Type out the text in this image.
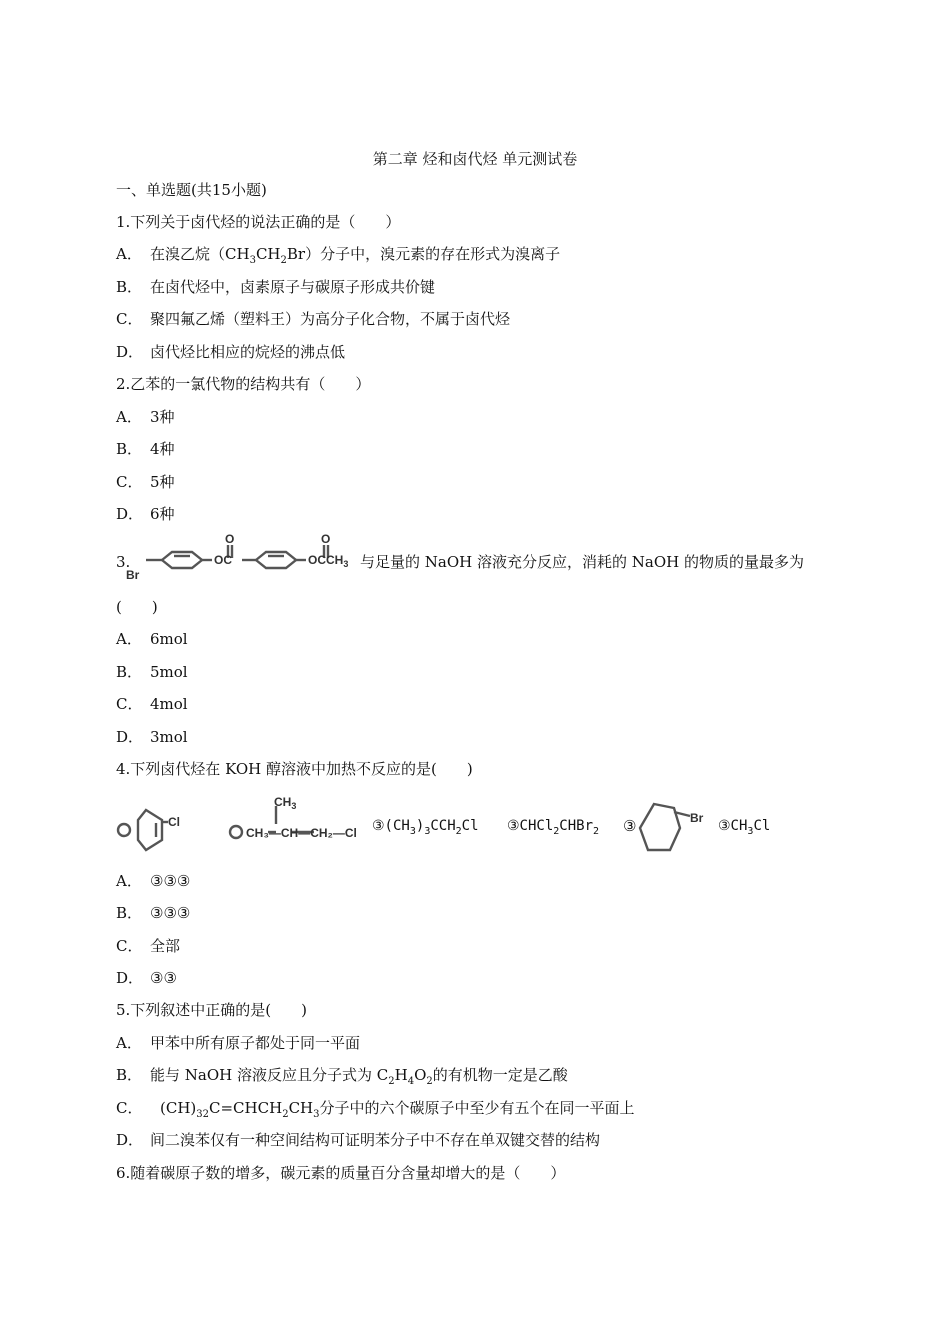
第二章 烃和卤代烃 单元测试卷
一、单选题(共15小题)
1.下列关于卤代烃的说法正确的是（　　）
A． 在溴乙烷$(CH_3CH_2Br)$分子中，溴元素的存在形式为溴离子
B． 在卤代烃中，卤素原子与碳原子形成共价键
C． 聚四氟乙烯（塑料王）为高分子化合物，不属于卤代烃
D． 卤代烃比相应的烷烃的沸点低
2.乙苯的一氯代物的结构共有（　　）
A． 3种
B． 4种
C． 5种
D． 6种
3.
Br
O
OC
O
$OCCH_3$ 与足量的 NaOH 溶液充分反应，消耗的 NaOH 的物质的量最多为
(　　)
A． 6mol
B． 5mol
C． 4mol
D． 3mol
4.下列卤代烃在 KOH 醇溶液中加热不反应的是(　　)
Cl
$CH_3$
CH₃—CH—CH₂—Cl $③(CH_3)_3CCH_2Cl$ ③CHCl$_2$CHBr$_2$ ③	Br $③CH_3Cl$
A． ③③③
B． ③③③
C． 全部
D． ③③
5.下列叙述中正确的是(　　)
A． 甲苯中所有原子都处于同一平面
B． 能与 NaOH 溶液反应且分子式为 $C_2H_4O_2$的有机物一定是乙酸
C． $(CH)_{32}C=CHCH_2CH_3$分子中的六个碳原子中至少有五个在同一平面上
D． 间二溴苯仅有一种空间结构可证明苯分子中不存在单双键交替的结构
6.随着碳原子数的增多，碳元素的质量百分含量却增大的是（　　）
